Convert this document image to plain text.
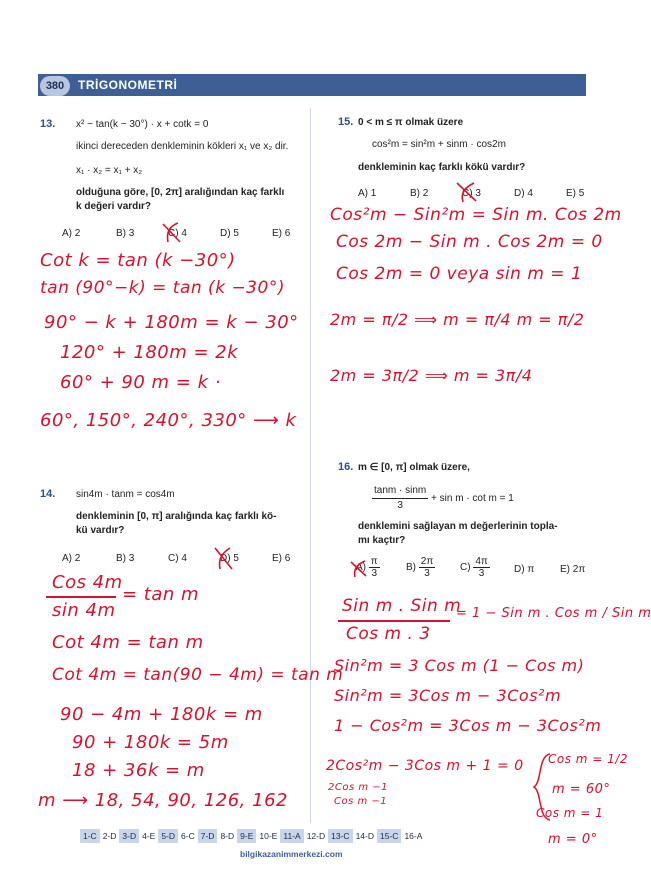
380	TRİGONOMETRİ
13. x² − tan(k − 30°) · x + cotk = 0
ikinci dereceden denkleminin kökleri x₁ ve x₂ dir.
x₁ · x₂ = x₁ + x₂
olduğuna göre, [0, 2π] aralığından kaç farklı
k değeri vardır?
A) 2	B) 3	C) 4	D) 5	E) 6
Cot k = tan (k −30°)
tan (90°−k) = tan (k −30°)
90° − k + 180m = k − 30°
120° + 180m = 2k
60° + 90 m = k ·
60°, 150°, 240°, 330° ⟶ k
14. sin4m · tanm = cos4m
denkleminin [0, π] aralığında kaç farklı kö-
kü vardır?
A) 2	B) 3	C) 4	D) 5	E) 6
Cos 4m
sin 4m
= tan m
Cot 4m = tan m
Cot 4m = tan(90 − 4m) = tan m
90 − 4m + 180k = m
90 + 180k = 5m
18 + 36k = m
m ⟶ 18, 54, 90, 126, 162
15. 0 < m ≤ π olmak üzere
cos²m = sin²m + sinm · cos2m
denkleminin kaç farklı kökü vardır?
A) 1	B) 2	C) 3	D) 4	E) 5
Cos²m − Sin²m = Sin m. Cos 2m
Cos 2m − Sin m . Cos 2m = 0
Cos 2m = 0 veya sin m = 1
2m = π/2 ⟹ m = π/4 m = π/2
2m = 3π/2 ⟹ m = 3π/4
16. m ∈ [0, π] olmak üzere,
$\frac{\tan m \cdot \sin m}{3} + \sin m \cdot \cot m = 1$
denklemini sağlayan m değerlerinin topla-
mı kaçtır?
$A) \frac{\pi}{3}$	$B) \frac{2\pi}{3} C) \frac{4\pi}{3} D$) π	E) 2π
Sin m . Sin m
Cos m . 3
= 1 − Sin m . Cos m / Sin m
Sin²m = 3 Cos m (1 − Cos m)
Sin²m = 3Cos m − 3Cos²m
1 − Cos²m = 3Cos m − 3Cos²m
2Cos²m − 3Cos m + 1 = 0
2Cos m −1
Cos m −1
Cos m = 1/2
m = 60°
Cos m = 1
m = 0°
1-C 2-D 3-D 4-E 5-D 6-C 7-D 8-D 9-E 10-E 11-A 12-D 13-C 14-D 15-C 16-A
bilgikazanimmerkezi.com
